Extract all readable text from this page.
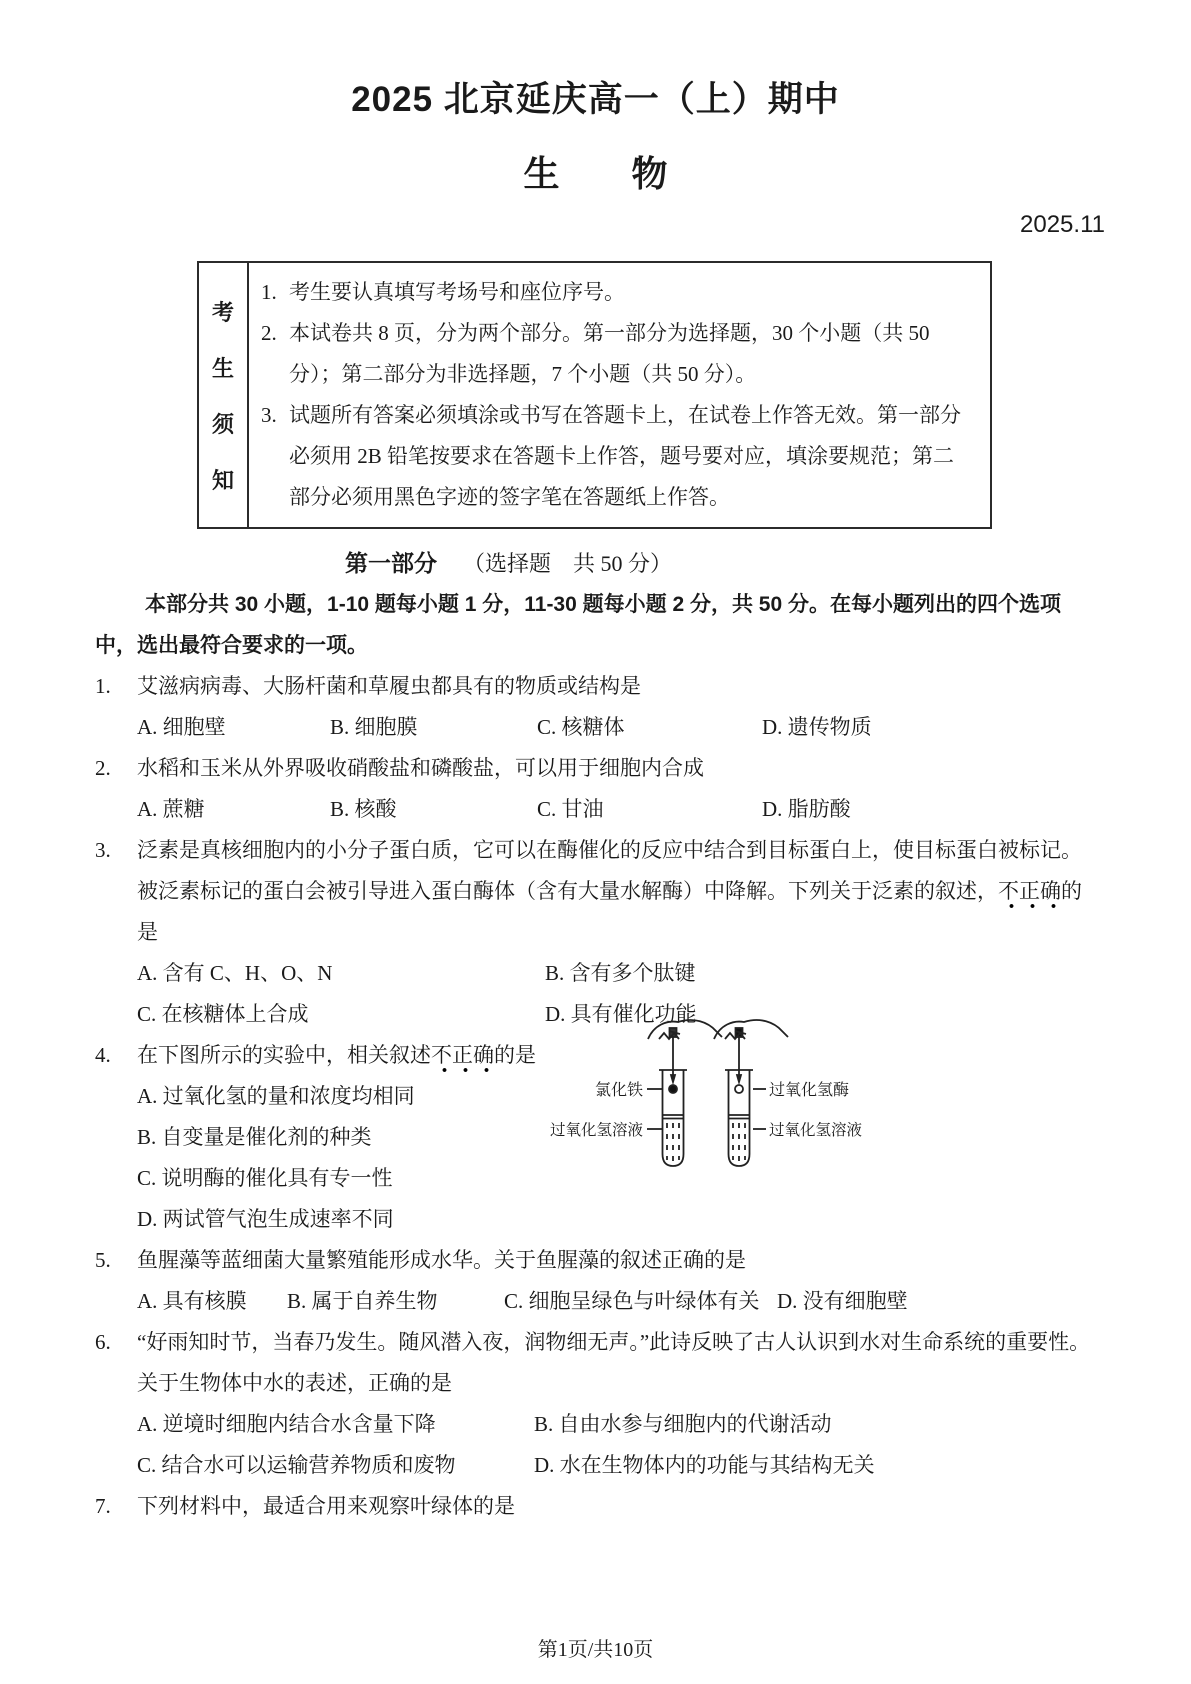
2025 北京延庆高一（上）期中
生　　物
2025.11
考
生
须
知
1. 考生要认真填写考场号和座位序号。
2. 本试卷共 8 页，分为两个部分。第一部分为选择题，30 个小题（共 50 分）；第二部分为非选择题，7 个小题（共 50 分）。
3. 试题所有答案必须填涂或书写在答题卡上，在试卷上作答无效。第一部分必须用 2B 铅笔按要求在答题卡上作答，题号要对应，填涂要规范；第二部分必须用黑色字迹的签字笔在答题纸上作答。
第一部分 （选择题　共 50 分）
本部分共 30 小题，1-10 题每小题 1 分，11-30 题每小题 2 分，共 50 分。在每小题列出的四个选项中，选出最符合要求的一项。
1. 艾滋病病毒、大肠杆菌和草履虫都具有的物质或结构是
A. 细胞壁	B. 细胞膜	C. 核糖体	D. 遗传物质
2. 水稻和玉米从外界吸收硝酸盐和磷酸盐，可以用于细胞内合成
A. 蔗糖	B. 核酸	C. 甘油	D. 脂肪酸
3. 泛素是真核细胞内的小分子蛋白质，它可以在酶催化的反应中结合到目标蛋白上，使目标蛋白被标记。被泛素标记的蛋白会被引导进入蛋白酶体（含有大量水解酶）中降解。下列关于泛素的叙述，不正确的是
A. 含有 C、H、O、N	B. 含有多个肽键
C. 在核糖体上合成	D. 具有催化功能
4. 在下图所示的实验中，相关叙述不正确的是
A. 过氧化氢的量和浓度均相同
B. 自变量是催化剂的种类
C. 说明酶的催化具有专一性
D. 两试管气泡生成速率不同
氯化铁	过氧化氢酶
过氧化氢溶液	过氧化氢溶液
5. 鱼腥藻等蓝细菌大量繁殖能形成水华。关于鱼腥藻的叙述正确的是
A. 具有核膜	B. 属于自养生物	C. 细胞呈绿色与叶绿体有关 D. 没有细胞壁
6. “好雨知时节，当春乃发生。随风潜入夜，润物细无声。”此诗反映了古人认识到水对生命系统的重要性。关于生物体中水的表述，正确的是
A. 逆境时细胞内结合水含量下降	B. 自由水参与细胞内的代谢活动
C. 结合水可以运输营养物质和废物	D. 水在生物体内的功能与其结构无关
7. 下列材料中，最适合用来观察叶绿体的是
第1页/共10页
